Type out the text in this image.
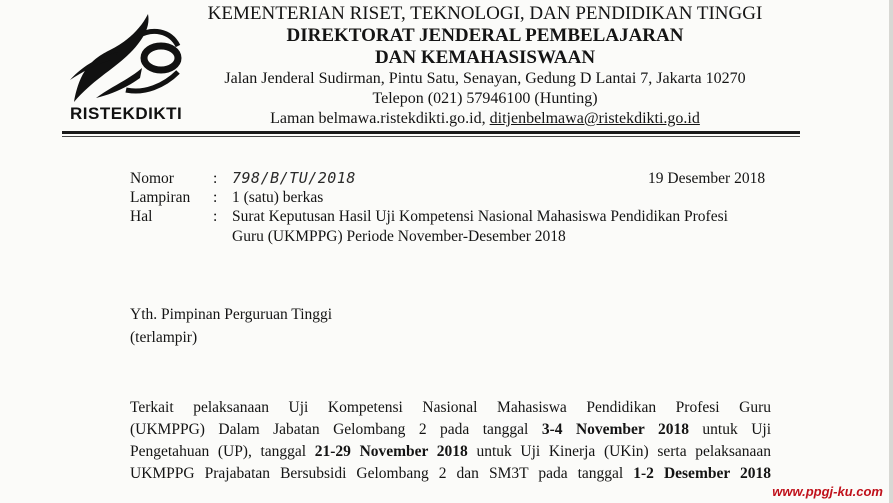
RISTEKDIKTI
KEMENTERIAN RISET, TEKNOLOGI, DAN PENDIDIKAN TINGGI
DIREKTORAT JENDERAL PEMBELAJARAN
DAN KEMAHASISWAAN
Jalan Jenderal Sudirman, Pintu Satu, Senayan, Gedung D Lantai 7, Jakarta 10270
Telepon (021) 57946100 (Hunting)
Laman belmawa.ristekdikti.go.id, ditjenbelmawa@ristekdikti.go.id
Nomor	: 798/B/TU/2018	19 Desember 2018
Lampiran : 1 (satu) berkas
Hal	: Surat Keputusan Hasil Uji Kompetensi Nasional Mahasiswa Pendidikan Profesi
Guru (UKMPPG) Periode November-Desember 2018
Yth. Pimpinan Perguruan Tinggi
(terlampir)
Terkait pelaksanaan Uji Kompetensi Nasional Mahasiswa Pendidikan Profesi Guru
(UKMPPG) Dalam Jabatan Gelombang 2 pada tanggal 3-4 November 2018 untuk Uji
Pengetahuan (UP), tanggal 21-29 November 2018 untuk Uji Kinerja (UKin) serta pelaksanaan
UKMPPG Prajabatan Bersubsidi Gelombang 2 dan SM3T pada tanggal 1-2 Desember 2018
www.ppgj-ku.com
